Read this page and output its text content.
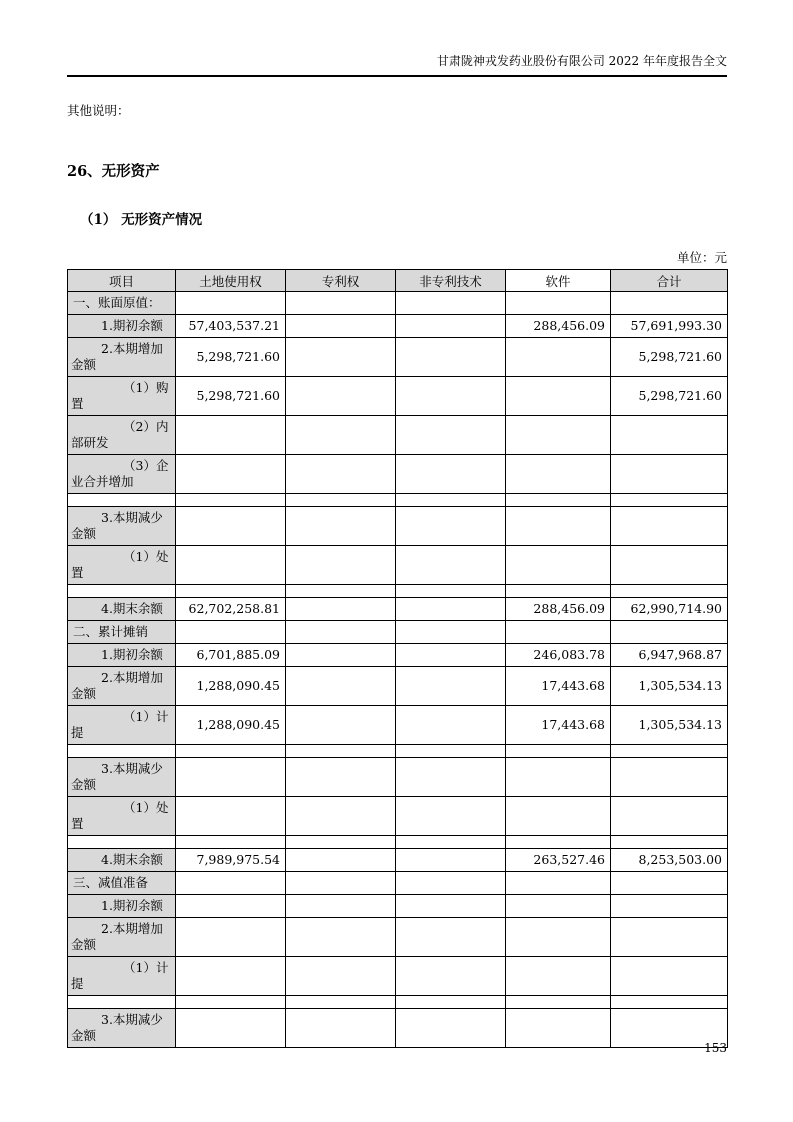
甘肃陇神戎发药业股份有限公司 2022 年年度报告全文

其他说明：

26、无形资产
（1） 无形资产情况
单位：元
项目	土地使用权	专利权	非专利技术	软件	合计
一、账面原值：					
1.期初余额	57,403,537.21			288,456.09	57,691,993.30
2.本期增加金额	5,298,721.60				5,298,721.60
（1）购置	5,298,721.60				5,298,721.60
（2）内部研发					
（3）企业合并增加					

3.本期减少金额					
（1）处置					

4.期末余额	62,702,258.81			288,456.09	62,990,714.90
二、累计摊销					
1.期初余额	6,701,885.09			246,083.78	6,947,968.87
2.本期增加金额	1,288,090.45			17,443.68	1,305,534.13
（1）计提	1,288,090.45			17,443.68	1,305,534.13

3.本期减少金额					
（1）处置					

4.期末余额	7,989,975.54			263,527.46	8,253,503.00
三、减值准备					
1.期初余额					
2.本期增加金额					
（1）计提					

3.本期减少金额					
153
